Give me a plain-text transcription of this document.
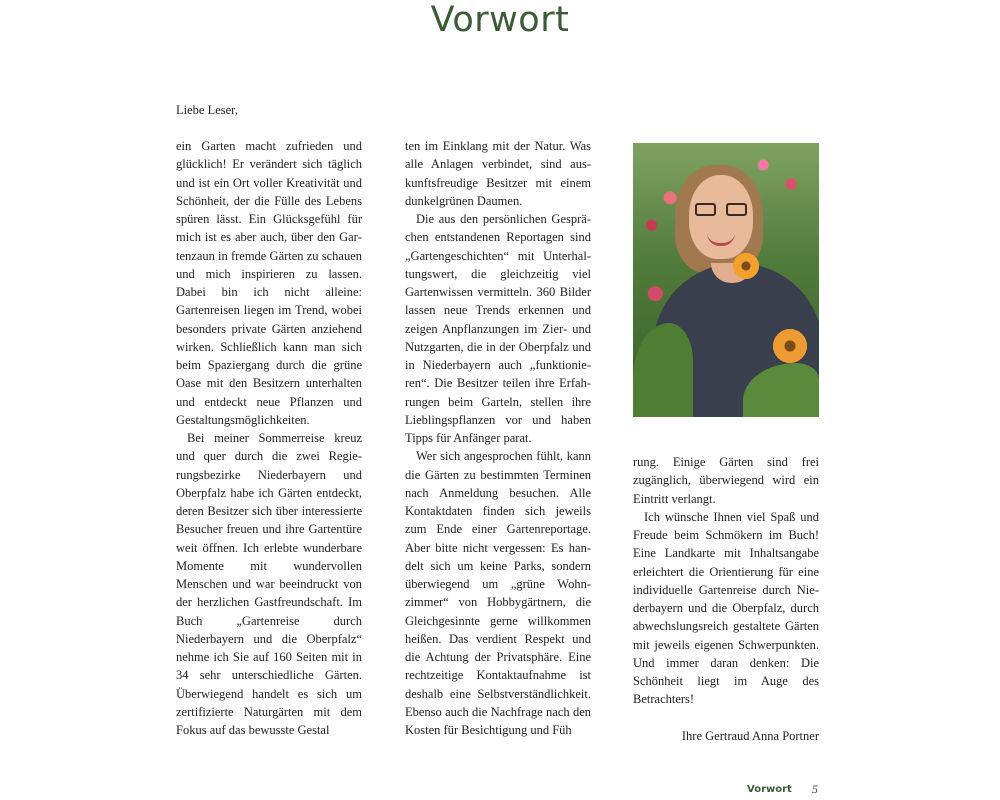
Vorwort
Liebe Leser,

ein Garten macht zufrieden und glücklich! Er verändert sich täglich und ist ein Ort voller Kreativität und Schönheit, der die Fülle des Lebens spüren lässt. Ein Glücksgefühl für mich ist es aber auch, über den Gartenzaun in fremde Gärten zu schauen und mich inspirieren zu lassen. Dabei bin ich nicht alleine: Gartenreisen liegen im Trend, wobei besonders private Gärten anziehend wirken. Schließlich kann man sich beim Spaziergang durch die grüne Oase mit den Besitzern unterhalten und entdeckt neue Pflanzen und Gestaltungsmöglichkeiten.

Bei meiner Sommerreise kreuz und quer durch die zwei Regierungsbezirke Niederbayern und Oberpfalz habe ich Gärten entdeckt, deren Besitzer sich über interessierte Besucher freuen und ihre Gartentüre weit öffnen. Ich erlebte wunderbare Momente mit wundervollen Menschen und war beeindruckt von der herzlichen Gastfreundschaft. Im Buch „Gartenreise durch Niederbayern und die Oberpfalz“ nehme ich Sie auf 160 Seiten mit in 34 sehr unterschiedliche Gärten. Überwiegend handelt es sich um zertifizierte Naturgärten mit dem Fokus auf das bewusste Gestal

ten im Einklang mit der Natur. Was alle Anlagen verbindet, sind auskunftsfreudige Besitzer mit einem dunkelgrünen Daumen.

Die aus den persönlichen Gesprächen entstandenen Reportagen sind „Gartengeschichten“ mit Unterhaltungswert, die gleichzeitig viel Gartenwissen vermitteln. 360 Bilder lassen neue Trends erkennen und zeigen Anpflanzungen im Zier- und Nutzgarten, die in der Oberpfalz und in Niederbayern auch „funktionieren“. Die Besitzer teilen ihre Erfahrungen beim Garteln, stellen ihre Lieblingspflanzen vor und haben Tipps für Anfänger parat.

Wer sich angesprochen fühlt, kann die Gärten zu bestimmten Terminen nach Anmeldung besuchen. Alle Kontaktdaten finden sich jeweils zum Ende einer Gartenreportage. Aber bitte nicht vergessen: Es handelt sich um keine Parks, sondern überwiegend um „grüne Wohnzimmer“ von Hobbygärtnern, die Gleichgesinnte gerne willkommen heißen. Das verdient Respekt und die Achtung der Privatsphäre. Eine rechtzeitige Kontaktaufnahme ist deshalb eine Selbstverständlichkeit. Ebenso auch die Nachfrage nach den Kosten für Besichtigung und Füh

rung. Einige Gärten sind frei zugänglich, überwiegend wird ein Eintritt verlangt.

Ich wünsche Ihnen viel Spaß und Freude beim Schmökern im Buch! Eine Landkarte mit Inhaltsangabe erleichtert die Orientierung für eine individuelle Gartenreise durch Niederbayern und die Oberpfalz, durch abwechslungsreich gestaltete Gärten mit jeweils eigenen Schwerpunkten. Und immer daran denken: Die Schönheit liegt im Auge des Betrachters!

Ihre Gertraud Anna Portner

Vorwort 5
